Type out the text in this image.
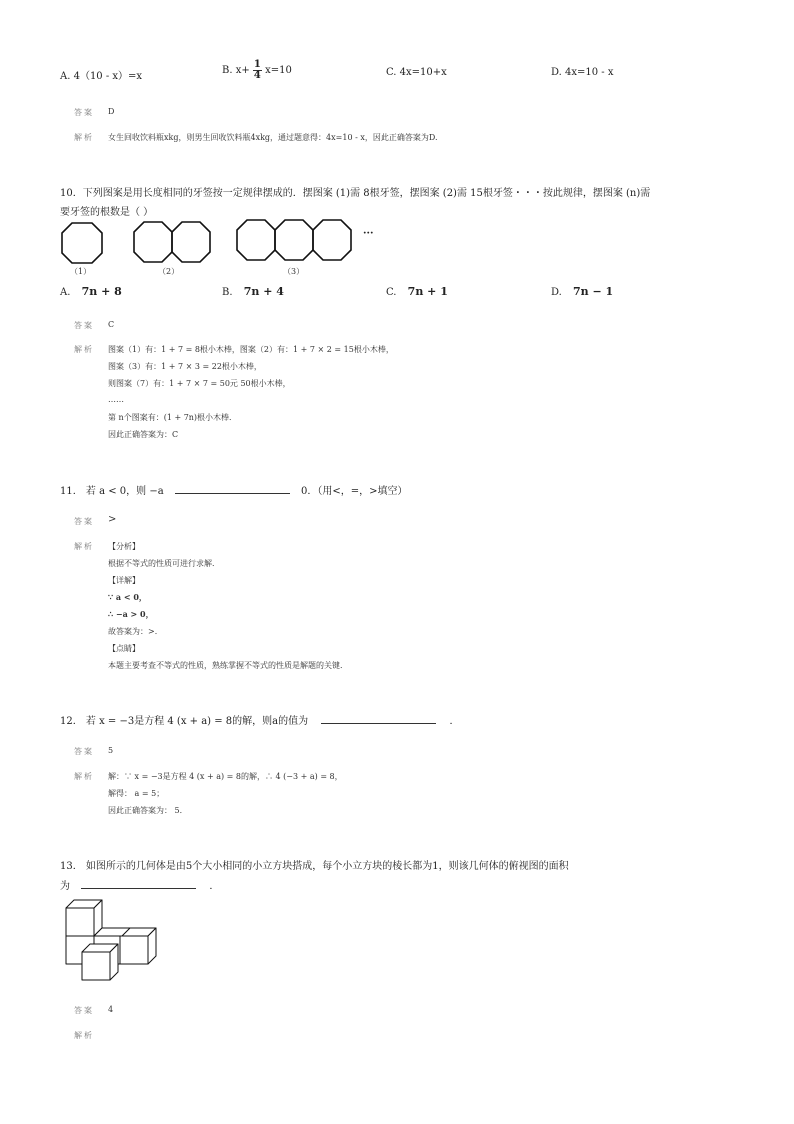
A. 4（10 - x）=x
B. $x+ \frac{1}{4} x=10$	C. 4x=10+x	D. 4x=10 - x
答案 D
解析 女生回收饮料瓶xkg，则男生回收饮料瓶4xkg，通过题意得：4x=10 - x，因此正确答案为D.
10．下列图案是用长度相同的牙签按一定规律摆成的．摆图案 (1)需 8根牙签，摆图案 (2)需 15根牙签・・・按此规律，摆图案 (n)需
要牙签的根数是（ ）
···
（1）	（2）	（3）
A. 7n + 8	B. 7n + 4	C. 7n + 1	D. 7n − 1
答案 C
解析 图案（1）有：1 + 7 = 8根小木棒，图案（2）有：1 + 7 × 2 = 15根小木棒，
图案（3）有：1 + 7 × 3 = 22根小木棒，
则图案（7）有：1 + 7 × 7 = 50元 50根小木棒，
……
第 n个图案有：(1 + 7n)根小木棒．
因此正确答案为：C
11． 若 a < 0，则 −a	0．（用<，=，>填空）
答案 >
解析 【分析】
根据不等式的性质可进行求解．
【详解】
∵ a < 0，
∴ −a > 0，
故答案为：>．
【点睛】
本题主要考查不等式的性质，熟练掌握不等式的性质是解题的关键．
12． 若 x = −3是方程 4 (x + a) = 8的解，则a的值为	．
答案 5
解析 解：∵ x = −3是方程 4 (x + a) = 8的解，∴ 4 (−3 + a) = 8，
解得： a = 5；
因此正确答案为： 5．
13． 如图所示的几何体是由5个大小相同的小立方块搭成，每个小立方块的棱长都为1，则该几何体的俯视图的面积
为	．
答案 4
解析
